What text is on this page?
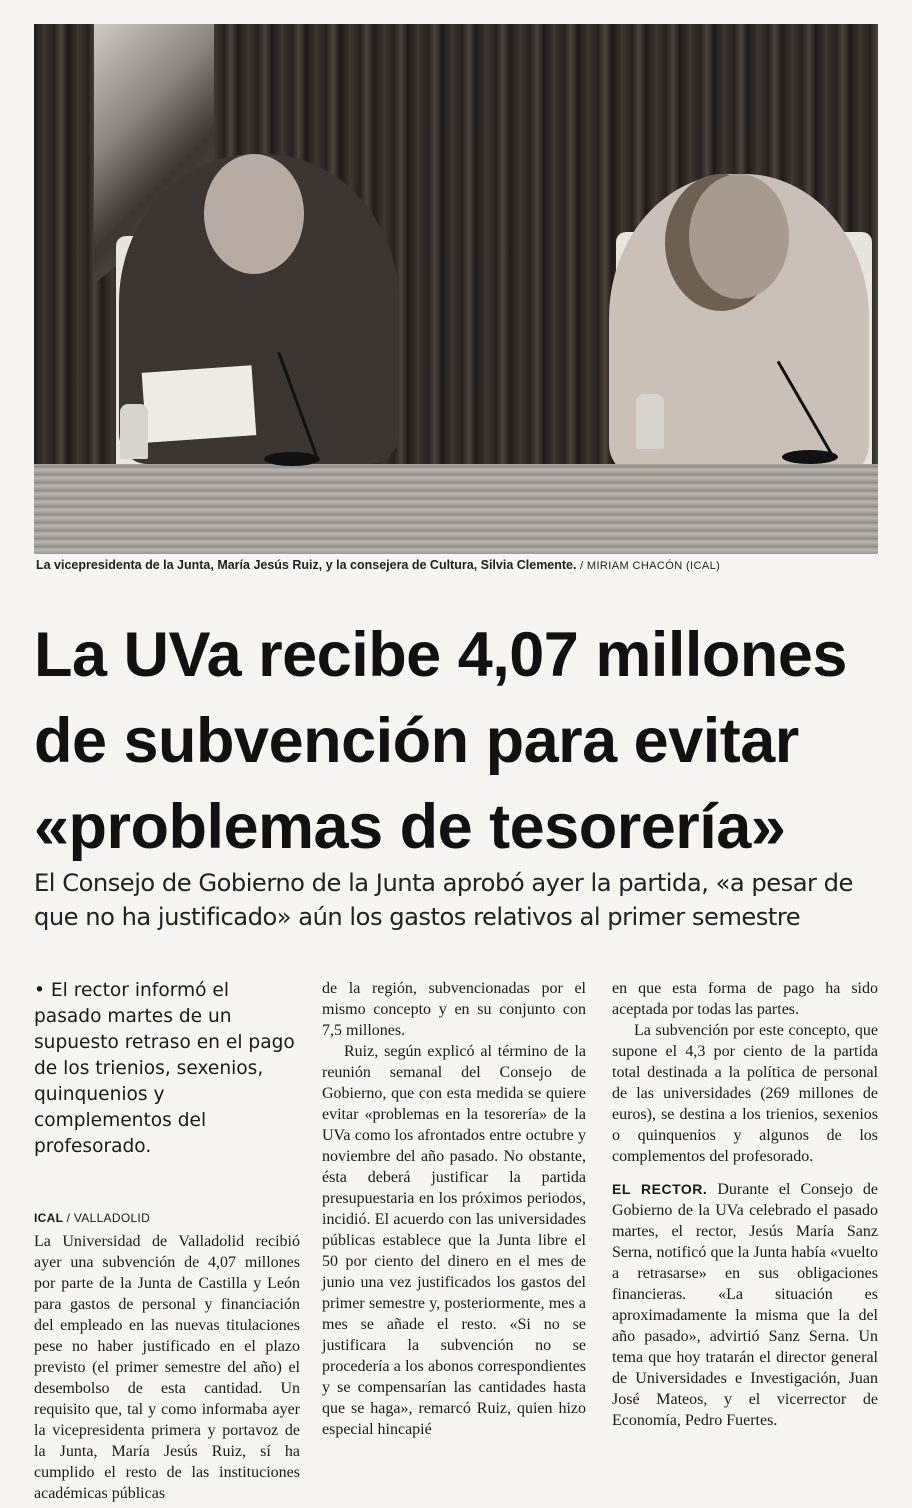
La vicepresidenta de la Junta, María Jesús Ruiz, y la consejera de Cultura, Silvia Clemente. / MIRIAM CHACÓN (ICAL)
La UVa recibe 4,07 millones
de subvención para evitar
«problemas de tesorería»

El Consejo de Gobierno de la Junta aprobó ayer la partida, «a pesar de que no ha justificado» aún los gastos relativos al primer semestre

• El rector informó el pasado martes de un supuesto retraso en el pago de los trienios, sexenios, quinquenios y complementos del profesorado.

ICAL / VALLADOLID

La Universidad de Valladolid recibió ayer una subvención de 4,07 millones por parte de la Junta de Castilla y León para gastos de personal y financiación del empleado en las nuevas titulaciones pese no haber justificado en el plazo previsto (el primer semestre del año) el desembolso de esta cantidad. Un requisito que, tal y como informaba ayer la vicepresidenta primera y portavoz de la Junta, María Jesús Ruiz, sí ha cumplido el resto de las instituciones académicas públicas

de la región, subvencionadas por el mismo concepto y en su conjunto con 7,5 millones.

Ruiz, según explicó al término de la reunión semanal del Consejo de Gobierno, que con esta medida se quiere evitar «problemas en la tesorería» de la UVa como los afrontados entre octubre y noviembre del año pasado. No obstante, ésta deberá justificar la partida presupuestaria en los próximos periodos, incidió. El acuerdo con las universidades públicas establece que la Junta libre el 50 por ciento del dinero en el mes de junio una vez justificados los gastos del primer semestre y, posteriormente, mes a mes se añade el resto. «Si no se justificara la subvención no se procedería a los abonos correspondientes y se compensarían las cantidades hasta que se haga», remarcó Ruiz, quien hizo especial hincapié

en que esta forma de pago ha sido aceptada por todas las partes.

La subvención por este concepto, que supone el 4,3 por ciento de la partida total destinada a la política de personal de las universidades (269 millones de euros), se destina a los trienios, sexenios o quinquenios y algunos de los complementos del profesorado.

EL RECTOR. Durante el Consejo de Gobierno de la UVa celebrado el pasado martes, el rector, Jesús María Sanz Serna, notificó que la Junta había «vuelto a retrasarse» en sus obligaciones financieras. «La situación es aproximadamente la misma que la del año pasado», advirtió Sanz Serna. Un tema que hoy tratarán el director general de Universidades e Investigación, Juan José Mateos, y el vicerrector de Economía, Pedro Fuertes.
